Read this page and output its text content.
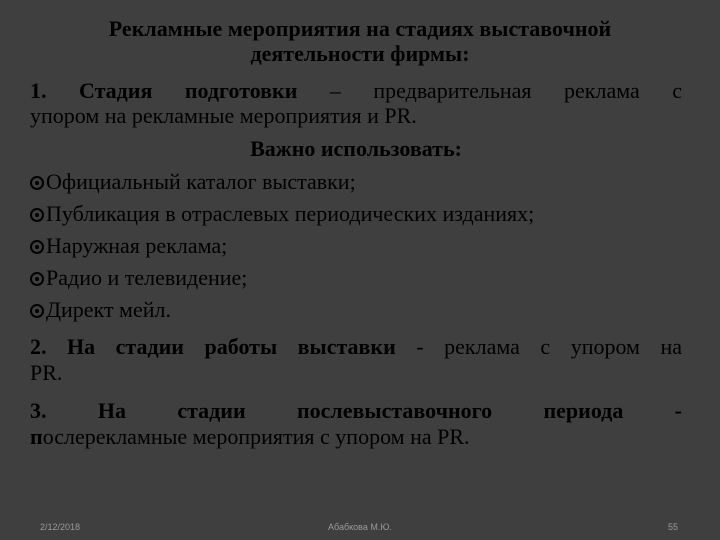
Рекламные мероприятия на стадиях выставочной
деятельности фирмы:
1. Стадия подготовки – предварительная реклама с
упором на рекламные мероприятия и PR.
Важно использовать:
Официальный каталог выставки;
Публикация в отраслевых периодических изданиях;
Наружная реклама;
Радио и телевидение;
Директ мейл.
2. На стадии работы выставки - реклама с упором на
PR.
3. На стадии послевыставочного периода -
послерекламные мероприятия с упором на PR.
2/12/2018	Абабкова М.Ю.	55
